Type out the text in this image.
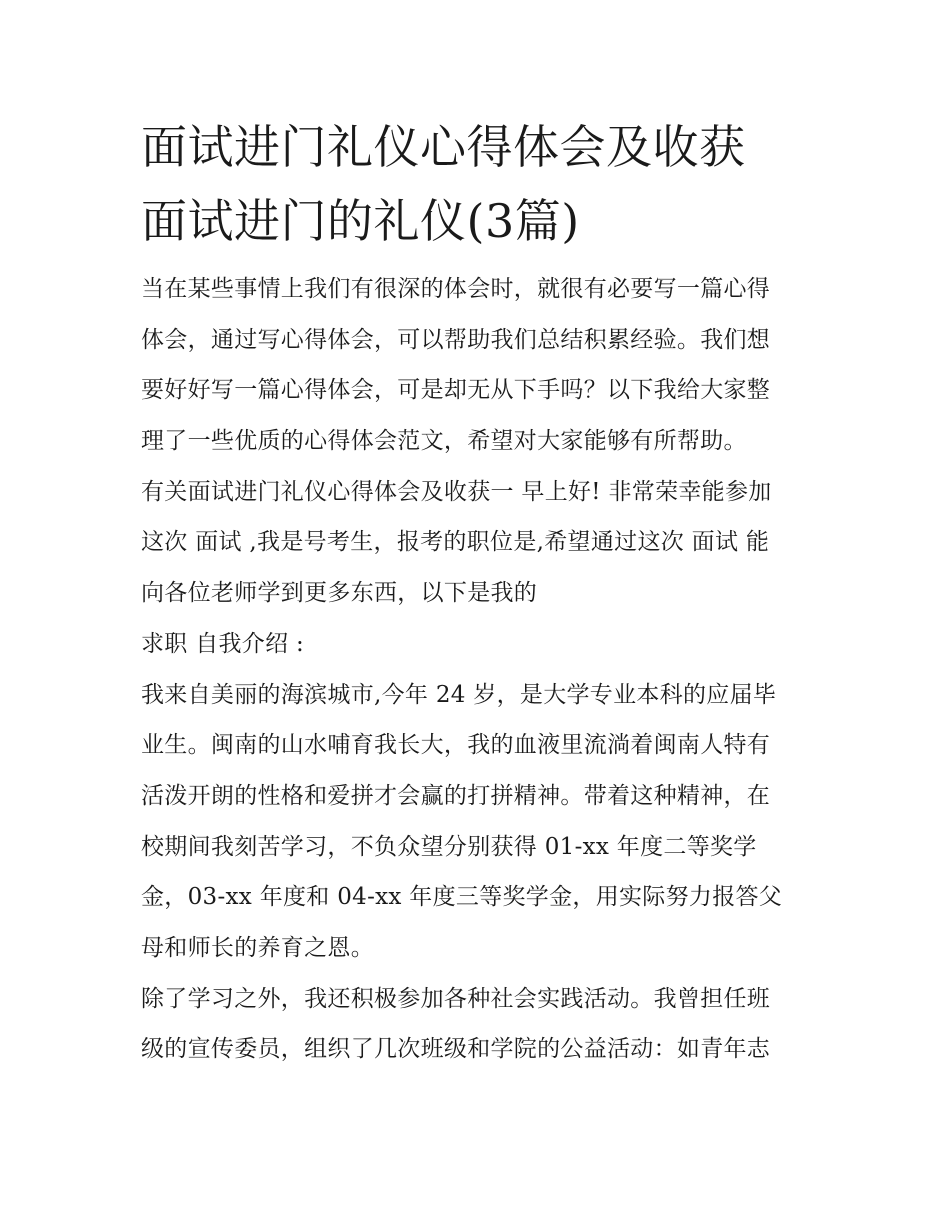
面试进门礼仪心得体会及收获
面试进门的礼仪(3篇)
当在某些事情上我们有很深的体会时，就很有必要写一篇心得
体会，通过写心得体会，可以帮助我们总结积累经验。我们想
要好好写一篇心得体会，可是却无从下手吗？以下我给大家整
理了一些优质的心得体会范文，希望对大家能够有所帮助。
有关面试进门礼仪心得体会及收获一 早上好! 非常荣幸能参加
这次 面试 ,我是号考生，报考的职位是,希望通过这次 面试 能
向各位老师学到更多东西，以下是我的
求职 自我介绍 :
我来自美丽的海滨城市,今年 24 岁，是大学专业本科的应届毕
业生。闽南的山水哺育我长大，我的血液里流淌着闽南人特有
活泼开朗的性格和爱拼才会赢的打拼精神。带着这种精神，在
校期间我刻苦学习，不负众望分别获得 01-xx 年度二等奖学
金，03-xx 年度和 04-xx 年度三等奖学金，用实际努力报答父
母和师长的养育之恩。
除了学习之外，我还积极参加各种社会实践活动。我曾担任班
级的宣传委员，组织了几次班级和学院的公益活动：如青年志
